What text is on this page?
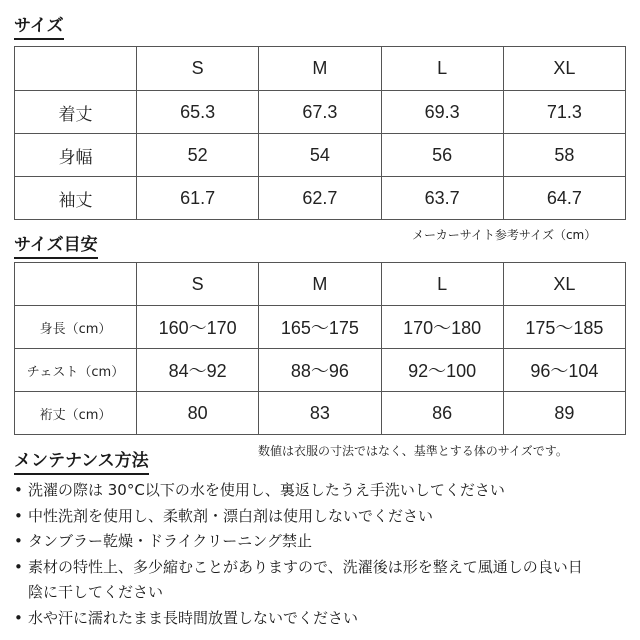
サイズ
	S	M	L	XL
着丈	65.3	67.3	69.3	71.3
身幅	52	54	56	58
袖丈	61.7	62.7	63.7	64.7
メーカーサイト参考サイズ（cm）
サイズ目安
	S	M	L	XL
身長（cm）	160～170	165～175	170～180	175～185
チェスト（cm）	84～92	88～96	92～100	96～104
裄丈（cm）	80	83	86	89
数値は衣服の寸法ではなく、基準とする体のサイズです。
メンテナンス方法
• 洗濯の際は 30°C以下の水を使用し、裏返したうえ手洗いしてください
• 中性洗剤を使用し、柔軟剤・漂白剤は使用しないでください
• タンブラー乾燥・ドライクリーニング禁止
• 素材の特性上、多少縮むことがありますので、洗濯後は形を整えて風通しの良い日陰に干してください
• 水や汗に濡れたまま長時間放置しないでください
